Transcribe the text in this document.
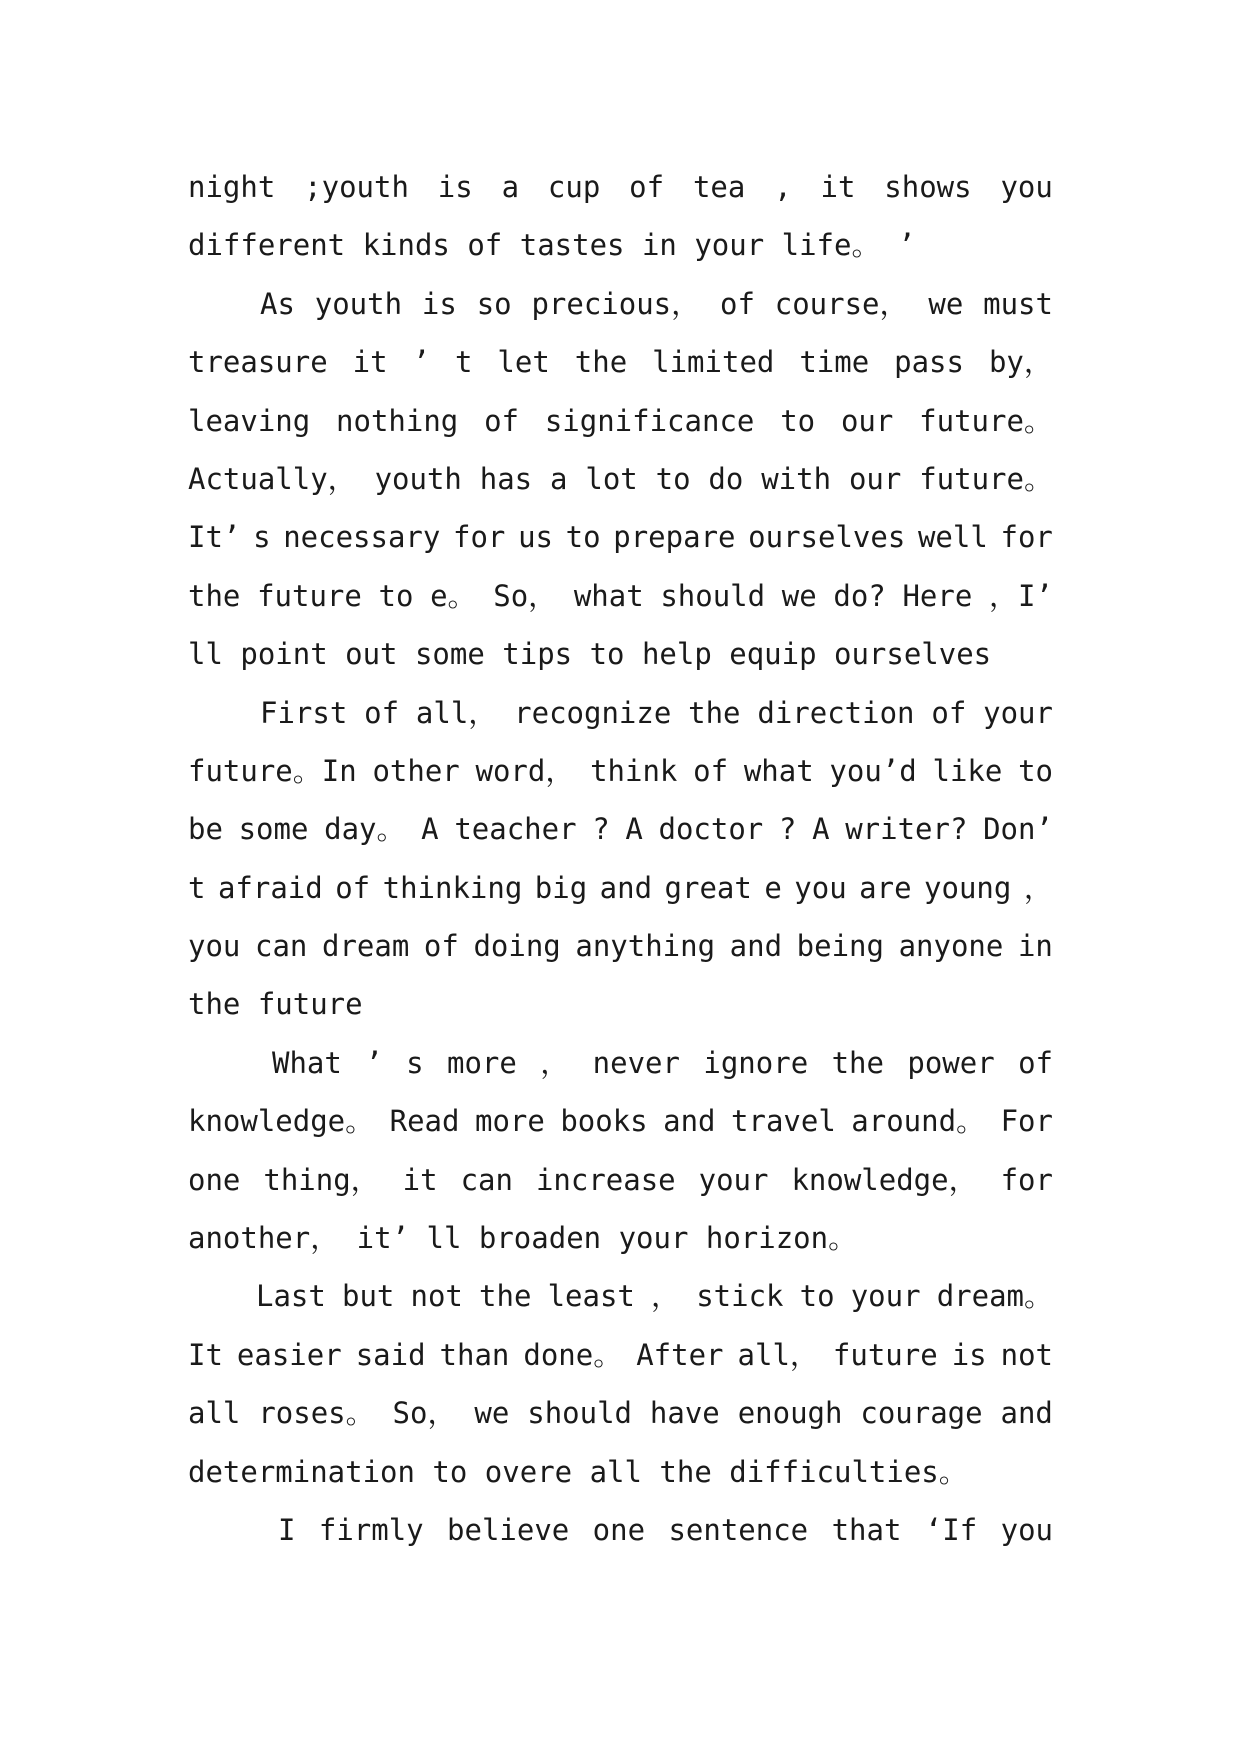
night ;youth is a cup of tea , it shows you
different kinds of tastes in your life。 ’
As youth is so precious， of course， we must
treasure it ’ t let the limited time pass by，
leaving nothing of significance to our future。
Actually， youth has a lot to do with our future。
It’ s necessary for us to prepare ourselves well for
the future to e。 So， what should we do? Here ，I’
ll point out some tips to help equip ourselves
First of all， recognize the direction of your
future。In other word， think of what you’d like to
be some day。 A teacher ? A doctor ? A writer? Don’
t afraid of thinking big and great e you are young ，
you can dream of doing anything and being anyone in
the future
What ’ s more ， never ignore the power of
knowledge。 Read more books and travel around。 For
one thing， it can increase your knowledge， for
another， it’ ll broaden your horizon。
Last but not the least ， stick to your dream。
It easier said than done。 After all， future is not
all roses。 So， we should have enough courage and
determination to overe all the difficulties。
I firmly believe one sentence that ‘If you
